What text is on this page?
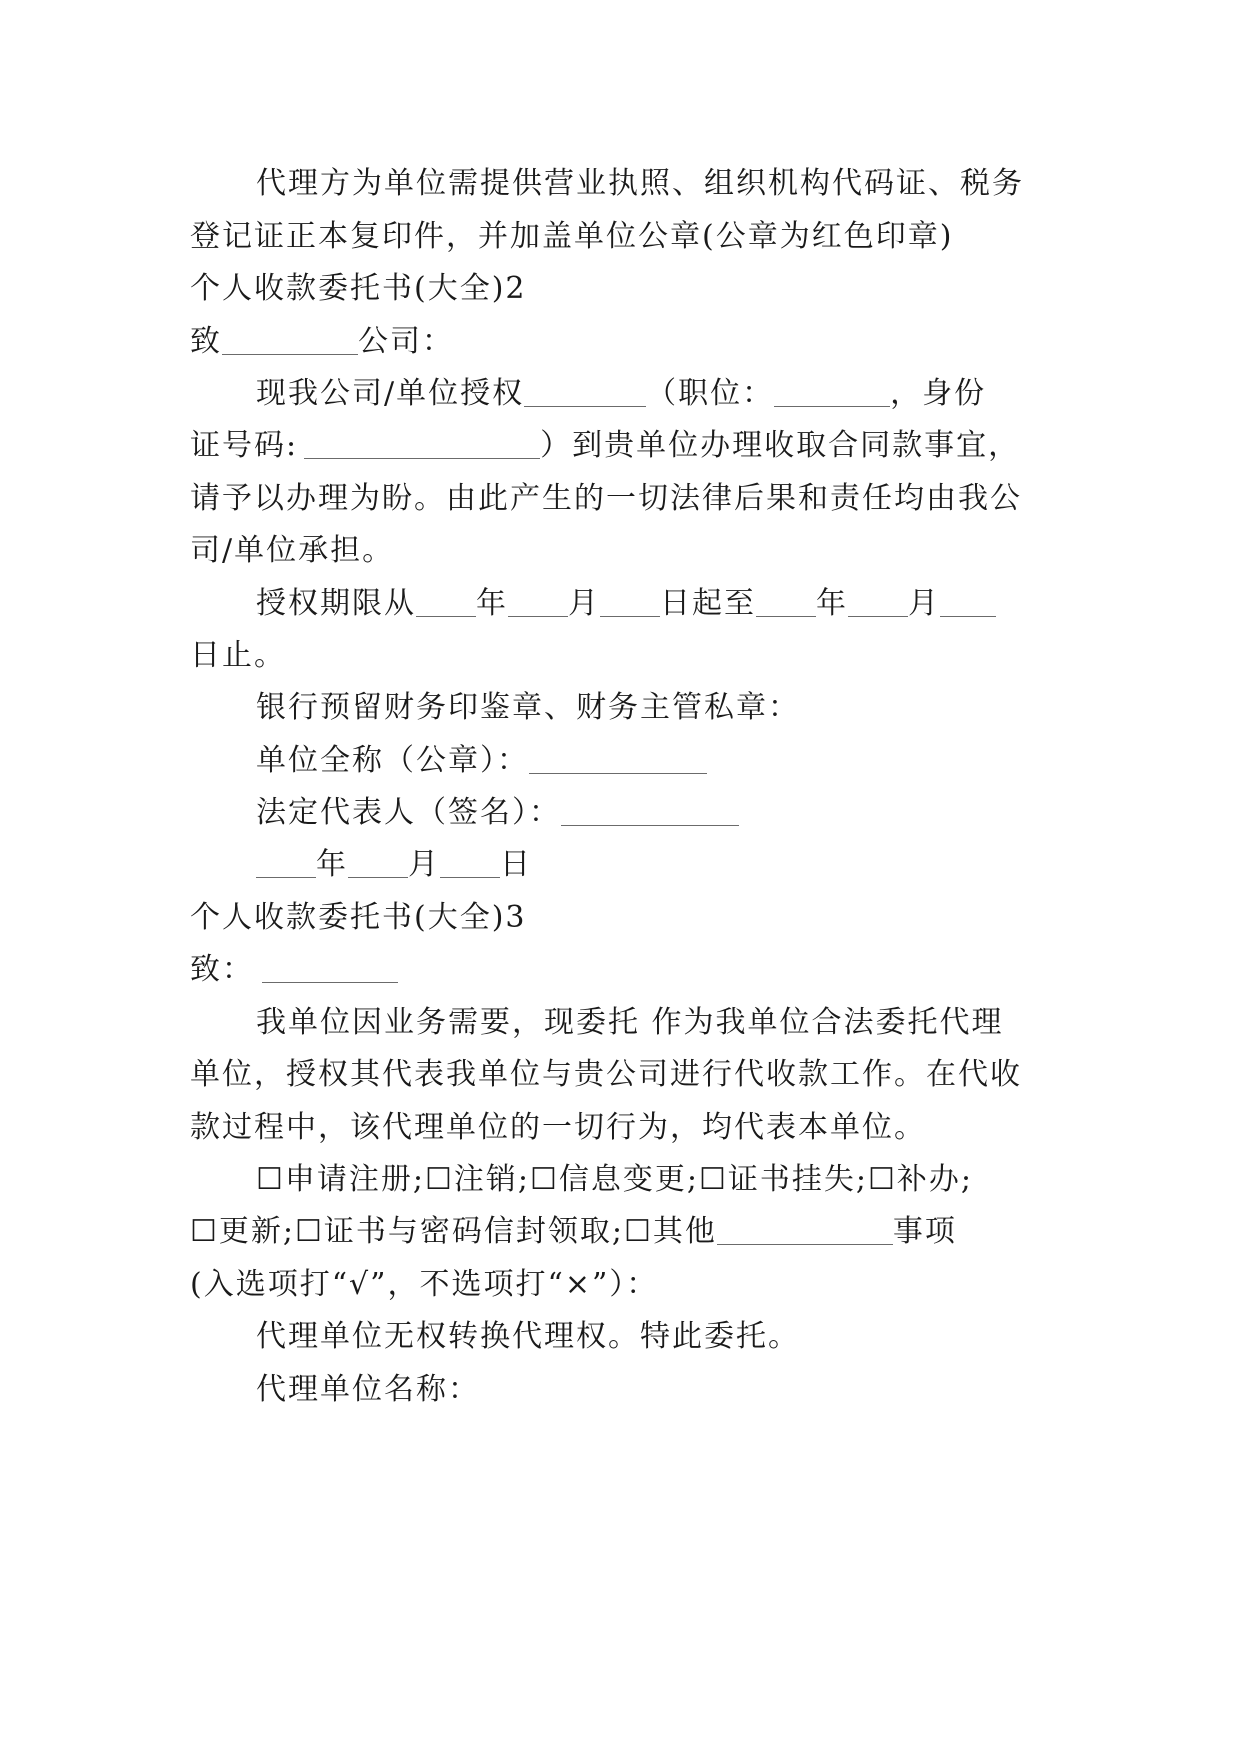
代理方为单位需提供营业执照、组织机构代码证、税务
登记证正本复印件，并加盖单位公章(公章为红色印章)
个人收款委托书(大全)2
致	公司：
现我公司/单位授权	（职位：	，身份
证号码:	）到贵单位办理收取合同款事宜，
请予以办理为盼。由此产生的一切法律后果和责任均由我公
司/单位承担。
授权期限从 年 月 日起至 年 月
日止。
银行预留财务印鉴章、财务主管私章：
单位全称（公章）：
法定代表人（签名）：
年 月 日
个人收款委托书(大全)3
致：
我单位因业务需要，现委托 作为我单位合法委托代理
单位，授权其代表我单位与贵公司进行代收款工作。在代收
款过程中，该代理单位的一切行为，均代表本单位。
☐申请注册;☐注销;☐信息变更;☐证书挂失;☐补办;
☐更新;☐证书与密码信封领取;☐其他	事项
(入选项打“√”，不选项打“×”）：
代理单位无权转换代理权。特此委托。
代理单位名称：
